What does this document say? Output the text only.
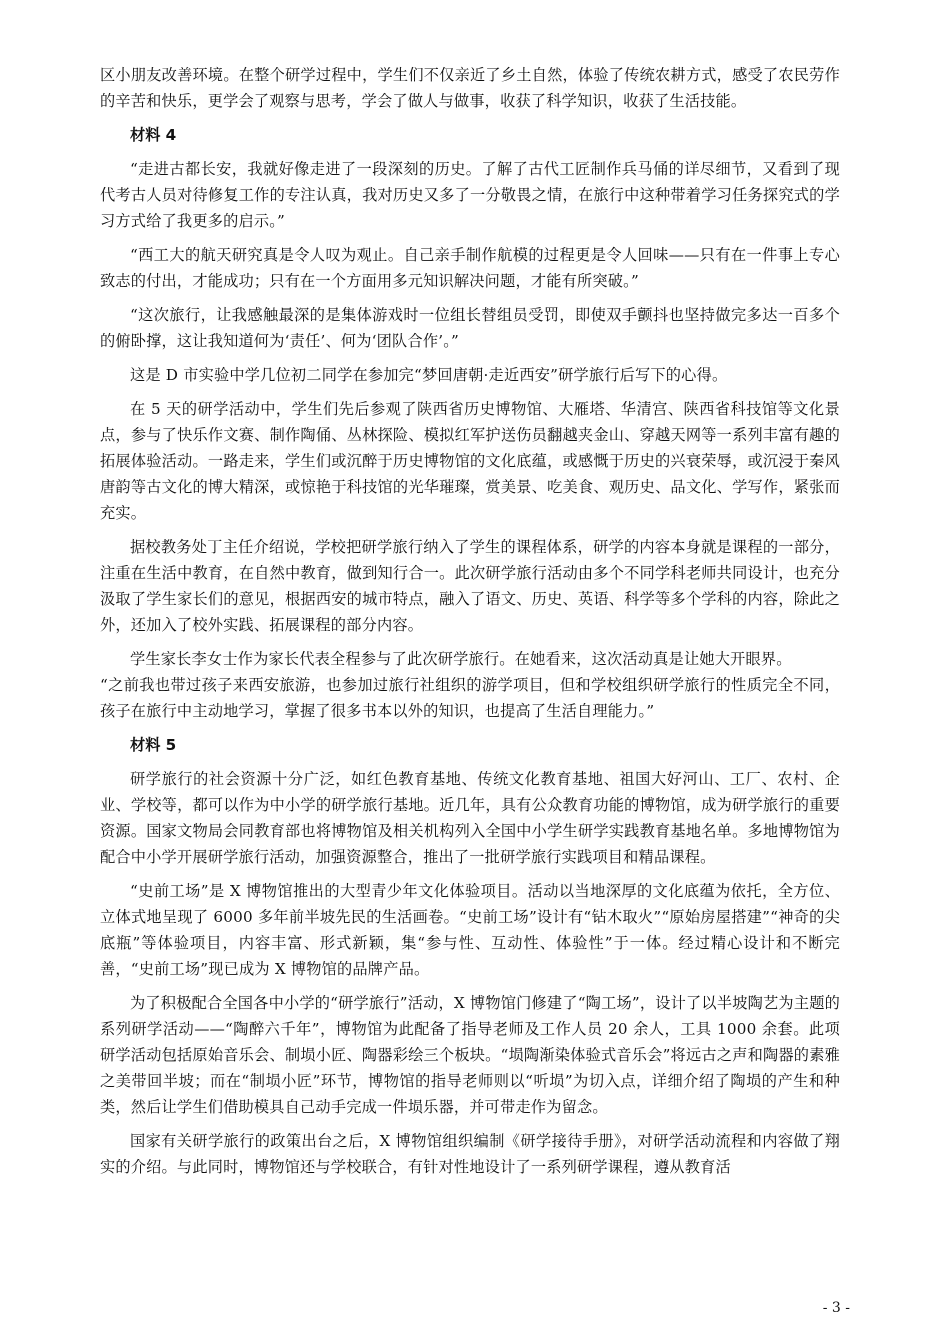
区小朋友改善环境。在整个研学过程中，学生们不仅亲近了乡土自然，体验了传统农耕方式，感受了农民劳作的辛苦和快乐，更学会了观察与思考，学会了做人与做事，收获了科学知识，收获了生活技能。

材料 4

“走进古都长安，我就好像走进了一段深刻的历史。了解了古代工匠制作兵马俑的详尽细节，又看到了现代考古人员对待修复工作的专注认真，我对历史又多了一分敬畏之情，在旅行中这种带着学习任务探究式的学习方式给了我更多的启示。”

“西工大的航天研究真是令人叹为观止。自己亲手制作航模的过程更是令人回味——只有在一件事上专心致志的付出，才能成功；只有在一个方面用多元知识解决问题，才能有所突破。”

“这次旅行，让我感触最深的是集体游戏时一位组长替组员受罚，即使双手颤抖也坚持做完多达一百多个的俯卧撑，这让我知道何为‘责任’、何为‘团队合作’。”

这是 D 市实验中学几位初二同学在参加完“梦回唐朝·走近西安”研学旅行后写下的心得。

在 5 天的研学活动中，学生们先后参观了陕西省历史博物馆、大雁塔、华清宫、陕西省科技馆等文化景点，参与了快乐作文赛、制作陶俑、丛林探险、模拟红军护送伤员翻越夹金山、穿越天网等一系列丰富有趣的拓展体验活动。一路走来，学生们或沉醉于历史博物馆的文化底蕴，或感慨于历史的兴衰荣辱，或沉浸于秦风唐韵等古文化的博大精深，或惊艳于科技馆的光华璀璨，赏美景、吃美食、观历史、品文化、学写作，紧张而充实。

据校教务处丁主任介绍说，学校把研学旅行纳入了学生的课程体系，研学的内容本身就是课程的一部分，注重在生活中教育，在自然中教育，做到知行合一。此次研学旅行活动由多个不同学科老师共同设计，也充分汲取了学生家长们的意见，根据西安的城市特点，融入了语文、历史、英语、科学等多个学科的内容，除此之外，还加入了校外实践、拓展课程的部分内容。

学生家长李女士作为家长代表全程参与了此次研学旅行。在她看来，这次活动真是让她大开眼界。

“之前我也带过孩子来西安旅游，也参加过旅行社组织的游学项目，但和学校组织研学旅行的性质完全不同，孩子在旅行中主动地学习，掌握了很多书本以外的知识，也提高了生活自理能力。”

材料 5

研学旅行的社会资源十分广泛，如红色教育基地、传统文化教育基地、祖国大好河山、工厂、农村、企业、学校等，都可以作为中小学的研学旅行基地。近几年，具有公众教育功能的博物馆，成为研学旅行的重要资源。国家文物局会同教育部也将博物馆及相关机构列入全国中小学生研学实践教育基地名单。多地博物馆为配合中小学开展研学旅行活动，加强资源整合，推出了一批研学旅行实践项目和精品课程。

“史前工场”是 X 博物馆推出的大型青少年文化体验项目。活动以当地深厚的文化底蕴为依托，全方位、立体式地呈现了 6000 多年前半坡先民的生活画卷。“史前工场”设计有“钻木取火”“原始房屋搭建”“神奇的尖底瓶”等体验项目，内容丰富、形式新颖，集“参与性、互动性、体验性”于一体。经过精心设计和不断完善，“史前工场”现已成为 X 博物馆的品牌产品。

为了积极配合全国各中小学的“研学旅行”活动，X 博物馆门修建了“陶工场”，设计了以半坡陶艺为主题的系列研学活动——“陶醉六千年”，博物馆为此配备了指导老师及工作人员 20 余人，工具 1000 余套。此项研学活动包括原始音乐会、制埙小匠、陶器彩绘三个板块。“埙陶渐染体验式音乐会”将远古之声和陶器的素雅之美带回半坡；而在“制埙小匠”环节，博物馆的指导老师则以“听埙”为切入点，详细介绍了陶埙的产生和种类，然后让学生们借助模具自己动手完成一件埙乐器，并可带走作为留念。

国家有关研学旅行的政策出台之后，X 博物馆组织编制《研学接待手册》，对研学活动流程和内容做了翔实的介绍。与此同时，博物馆还与学校联合，有针对性地设计了一系列研学课程，遵从教育活

- 3 -
